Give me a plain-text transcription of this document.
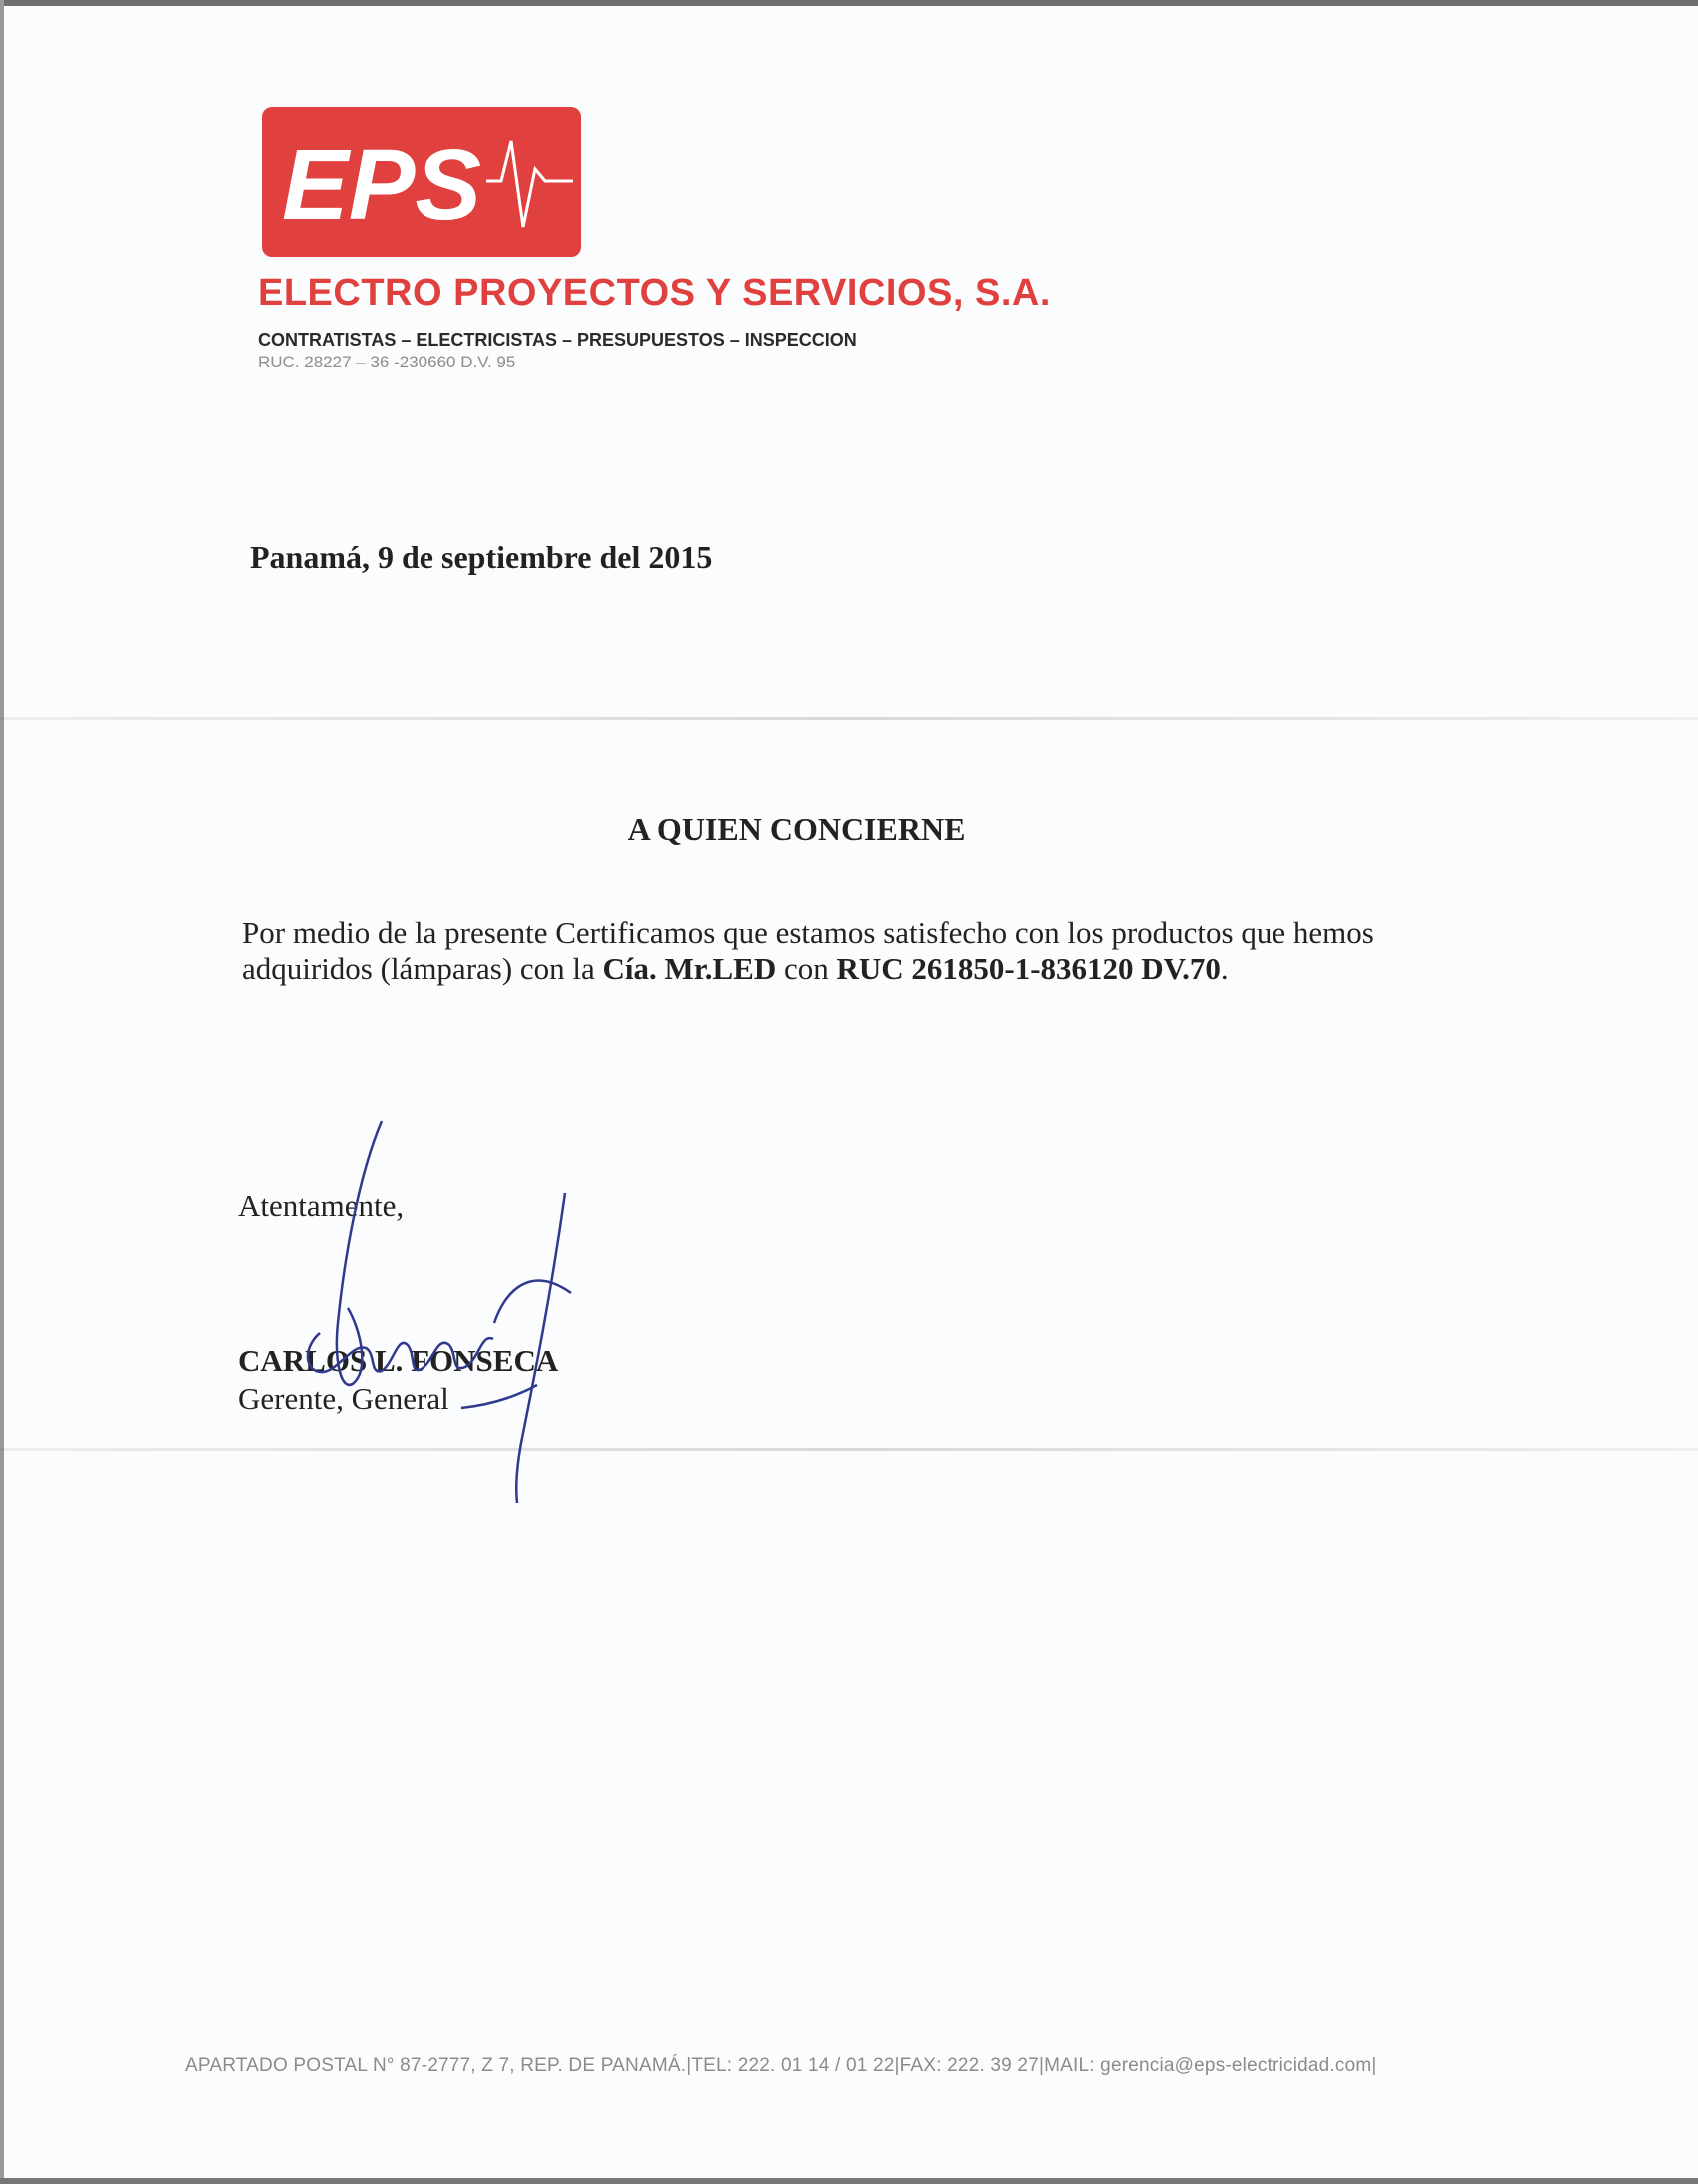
EPS
ELECTRO PROYECTOS Y SERVICIOS, S.A.
CONTRATISTAS – ELECTRICISTAS – PRESUPUESTOS – INSPECCION
RUC. 28227 – 36 -230660 D.V. 95
Panamá, 9 de septiembre del 2015
A QUIEN CONCIERNE

Por medio de la presente Certificamos que estamos satisfecho con los productos que hemos adquiridos (lámparas) con la Cía. Mr.LED con RUC 261850-1-836120 DV.70.

Atentamente,
CARLOS L. FONSECA
Gerente, General
APARTADO POSTAL N° 87-2777, Z 7, REP. DE PANAMÁ.|TEL: 222. 01 14 / 01 22|FAX: 222. 39 27|MAIL: gerencia@eps-electricidad.com|
